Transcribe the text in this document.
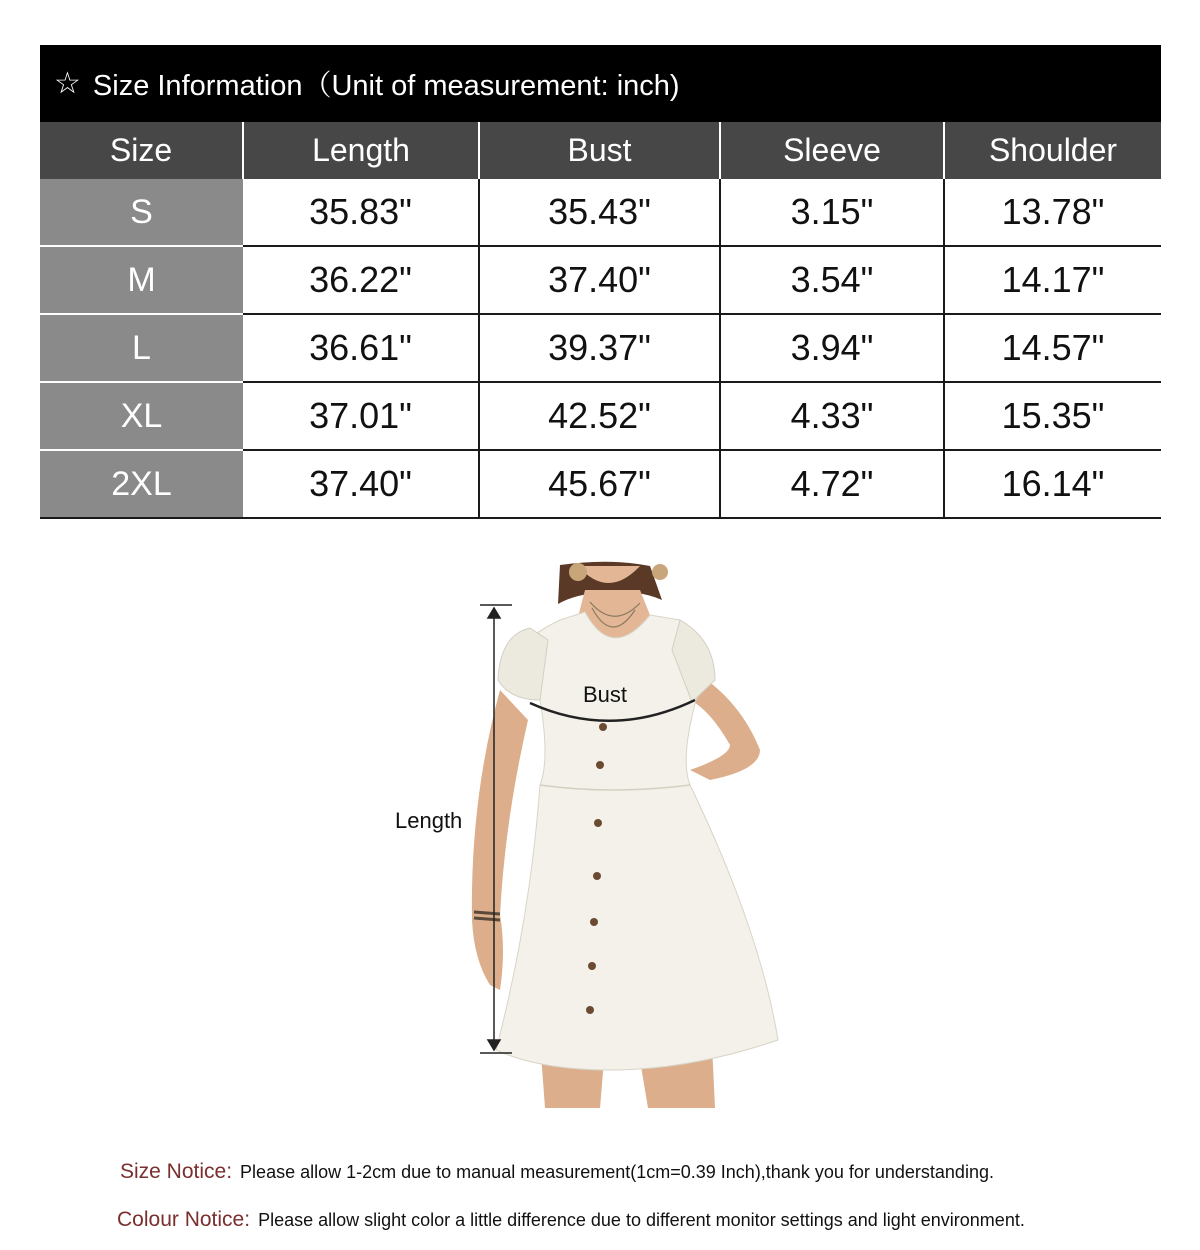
☆ Size Information（Unit of measurement: inch)
Size	Length	Bust	Sleeve	Shoulder
S	35.83"	35.43"	3.15"	13.78"
M	36.22"	37.40"	3.54"	14.17"
L	36.61"	39.37"	3.94"	14.57"
XL	37.01"	42.52"	4.33"	15.35"
2XL	37.40"	45.67"	4.72"	16.14"
Bust
Length
Size Notice: Please allow 1-2cm due to manual measurement(1cm=0.39 Inch),thank you for understanding.
Colour Notice: Please allow slight color a little difference due to different monitor settings and light environment.
